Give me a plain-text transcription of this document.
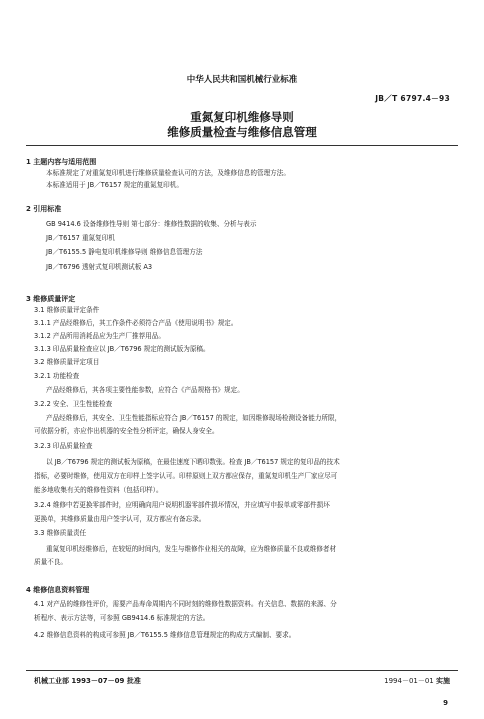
中华人民共和国机械行业标准
JB／T 6797.4－93
重氮复印机维修导则
维修质量检查与维修信息管理
1 主题内容与适用范围
本标准规定了对重氮复印机进行维修质量检查认可的方法，及维修信息的管理方法。
本标准适用于 JB／T6157 规定的重氮复印机。
2 引用标准
GB 9414.6 设备维修性导则 第七部分：维修性数据的收集、分析与表示
JB／T6157 重氮复印机
JB／T6155.5 静电复印机维修导则 维修信息管理方法
JB／T6796 透射式复印机测试板 A3
3 维修质量评定
3.1 维修质量评定条件
3.1.1 产品经维修后，其工作条件必须符合产品《使用说明书》规定。
3.1.2 产品所用消耗品应为生产厂推荐用品。
3.1.3 印品质量检查应以 JB／T6796 规定的测试版为原稿。
3.2 维修质量评定项目
3.2.1 功能检查
产品经维修后，其各项主要性能参数，应符合《产品规格书》规定。
3.2.2 安全、卫生性能检查
产品经维修后，其安全、卫生性能指标应符合 JB／T6157 的规定，如因维修现场检测设备能力所限，
可依据分析，亦应作出机器的安全性分析评定，确保人身安全。
3.2.3 印品质量检查
以 JB／T6796 规定的测试板为原稿，在最佳速度下晒印数张。检查 JB／T6157 规定的复印品的技术
指标，必要时维修，使用双方在印样上签字认可。印样原则上双方都应保存，重氮复印机生产厂家应尽可
能多地收集有关的维修性资料（包括印样）。
3.2.4 维修中若更换零部件时，应明确向用户说明机器零部件损坏情况，并应填写申报单或零部件损坏
更换单，其维修质量由用户签字认可，双方都应有备忘录。
3.3 维修质量责任
重氮复印机经维修后，在较短的时间内，发生与维修作业相关的故障，应为维修质量不良或维修者材
质量不良。
4 维修信息资料管理
4.1 对产品的维修性评价，需要产品寿命周期内不同时刻的维修性数据资料。有关信息、数据的来源、分
析程序、表示方法等，可参照 GB9414.6 标准规定的方法。
4.2 维修信息资料的构成可参照 JB／T6155.5 维修信息管理规定的构成方式编制、要求。
机械工业部 1993－07－09 批准	1994－01－01 实施
9
